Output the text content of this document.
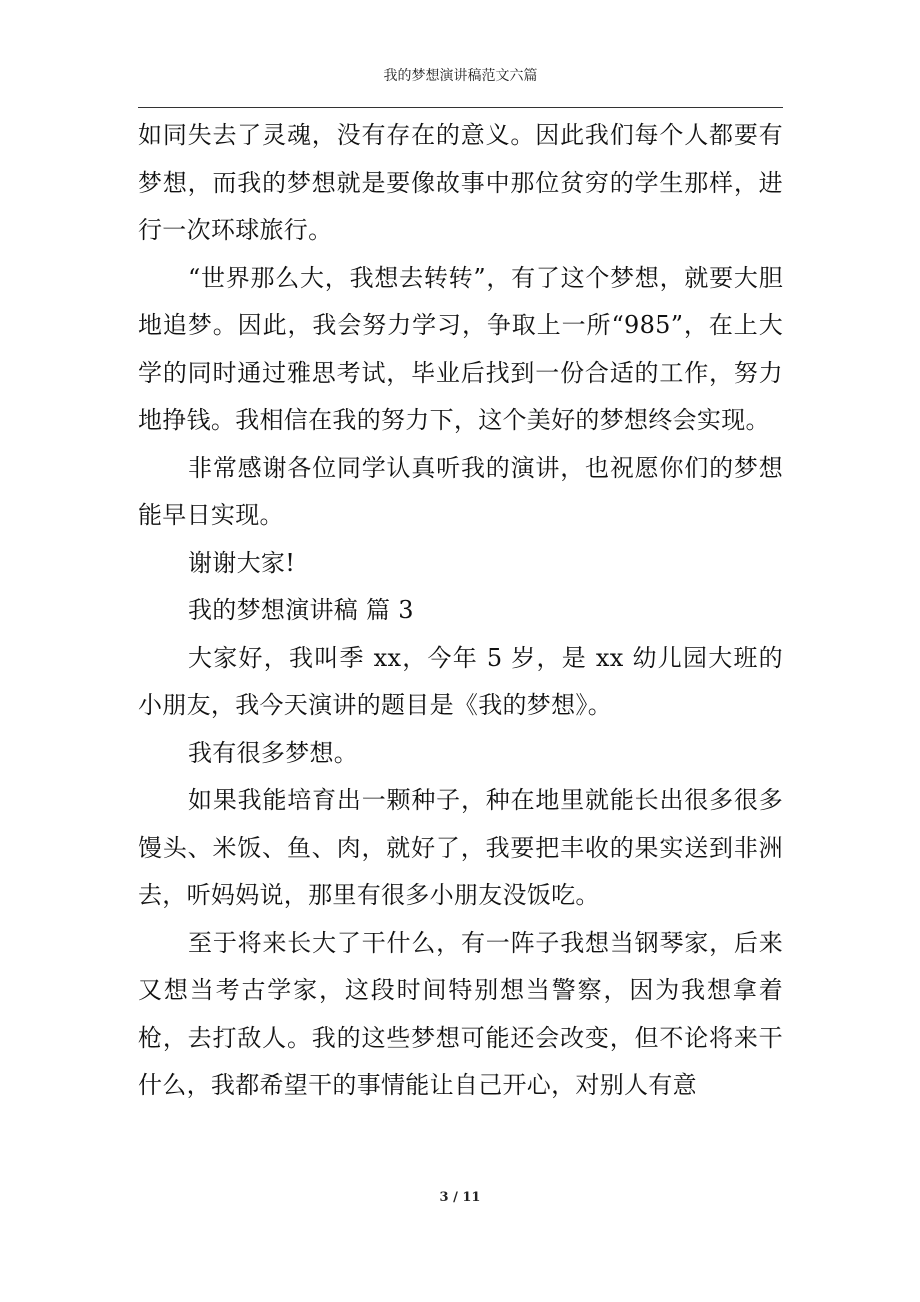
我的梦想演讲稿范文六篇

如同失去了灵魂，没有存在的意义。因此我们每个人都要有梦想，而我的梦想就是要像故事中那位贫穷的学生那样，进行一次环球旅行。

“世界那么大，我想去转转”，有了这个梦想，就要大胆地追梦。因此，我会努力学习，争取上一所“985”，在上大学的同时通过雅思考试，毕业后找到一份合适的工作，努力地挣钱。我相信在我的努力下，这个美好的梦想终会实现。

非常感谢各位同学认真听我的演讲，也祝愿你们的梦想能早日实现。

谢谢大家!

我的梦想演讲稿 篇 3

大家好，我叫季 xx，今年 5 岁，是 xx 幼儿园大班的小朋友，我今天演讲的题目是《我的梦想》。

我有很多梦想。

如果我能培育出一颗种子，种在地里就能长出很多很多馒头、米饭、鱼、肉，就好了，我要把丰收的果实送到非洲去，听妈妈说，那里有很多小朋友没饭吃。

至于将来长大了干什么，有一阵子我想当钢琴家，后来又想当考古学家，这段时间特别想当警察，因为我想拿着枪，去打敌人。我的这些梦想可能还会改变，但不论将来干什么，我都希望干的事情能让自己开心，对别人有意

3 / 11
